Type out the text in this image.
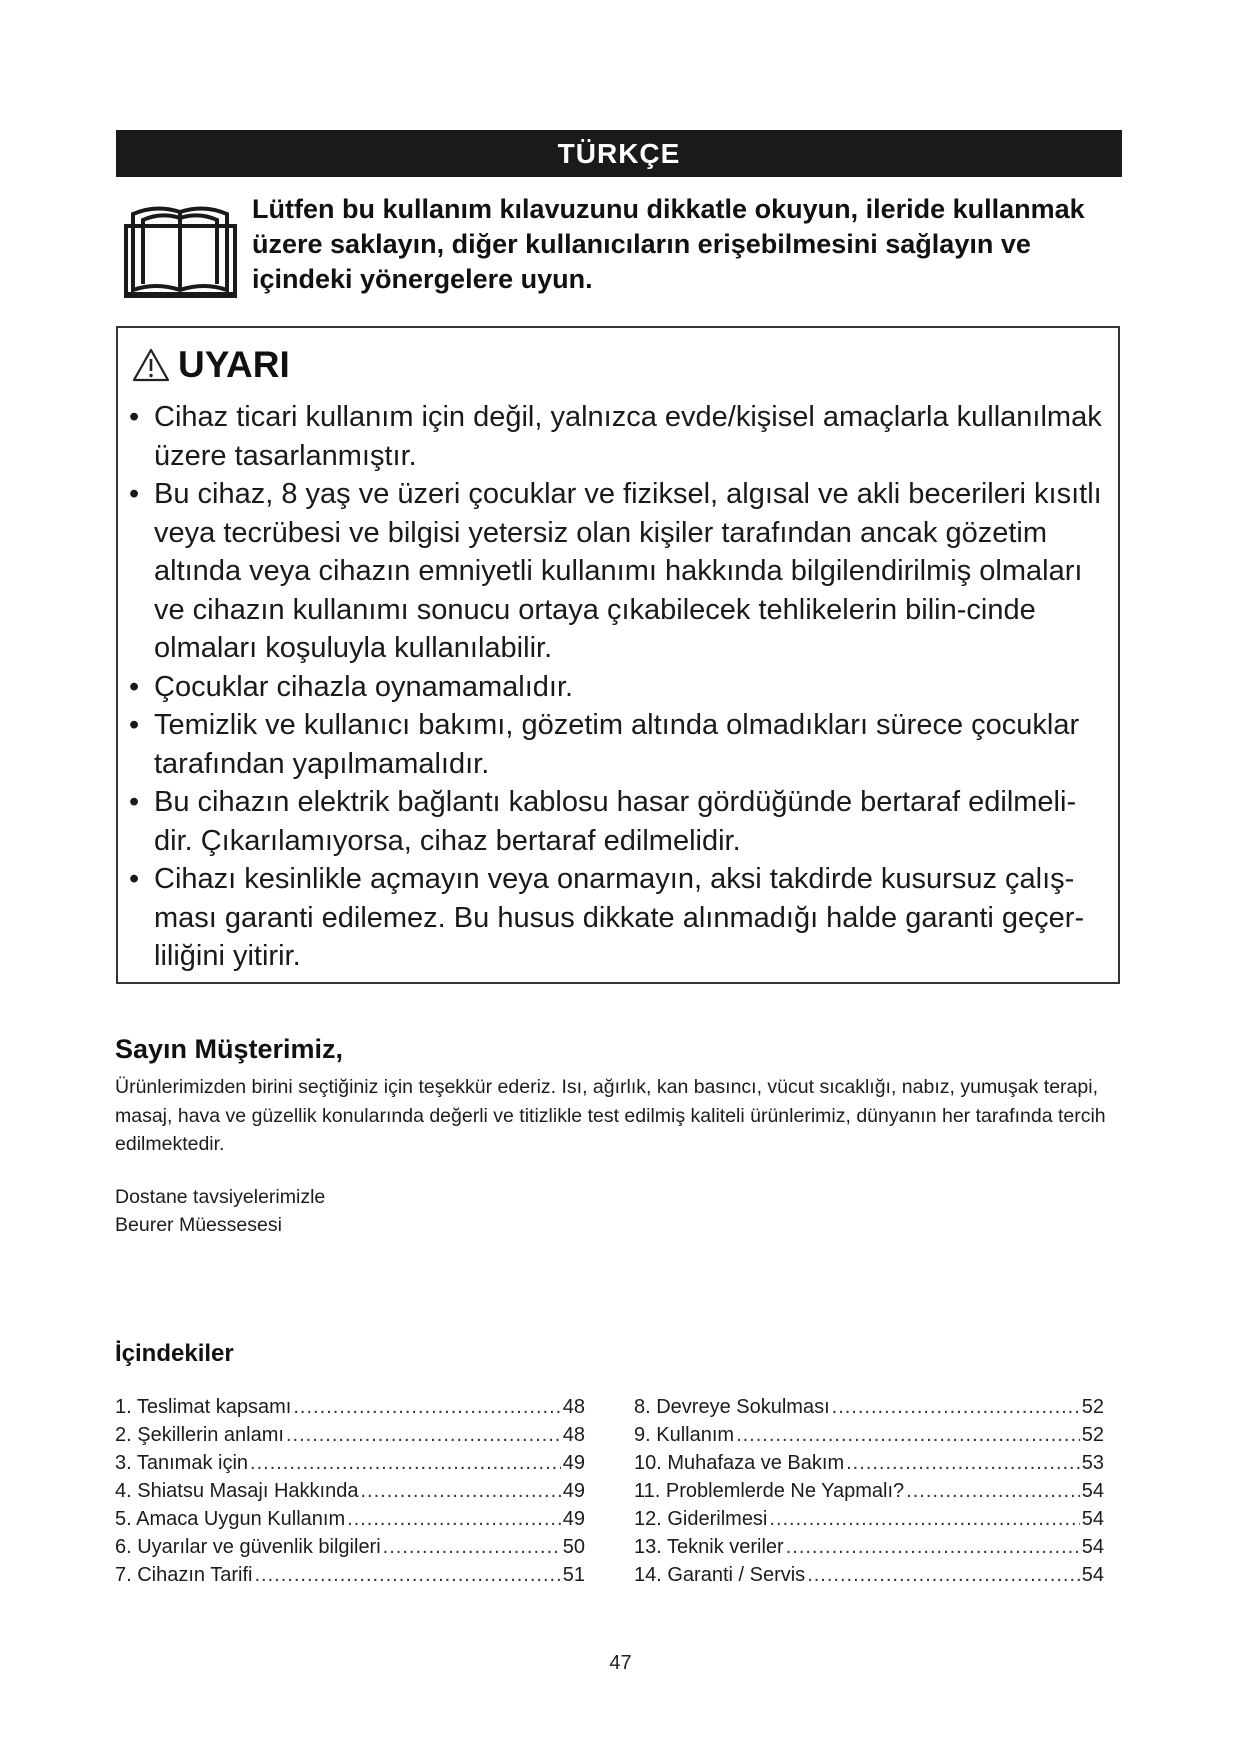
TÜRKÇE
Lütfen bu kullanım kılavuzunu dikkatle okuyun, ileride kullanmak üzere saklayın, diğer kullanıcıların erişebilmesini sağlayın ve içindeki yönergelere uyun.
UYARI
• Cihaz ticari kullanım için değil, yalnızca evde/kişisel amaçlarla kullanılmak üzere tasarlanmıştır.
• Bu cihaz, 8 yaş ve üzeri çocuklar ve fiziksel, algısal ve akli becerileri kısıtlı veya tecrübesi ve bilgisi yetersiz olan kişiler tarafından ancak gözetim altında veya cihazın emniyetli kullanımı hakkında bilgilendirilmiş olmaları ve cihazın kullanımı sonucu ortaya çıkabilecek tehlikelerin bilin-cinde olmaları koşuluyla kullanılabilir.
• Çocuklar cihazla oynamamalıdır.
• Temizlik ve kullanıcı bakımı, gözetim altında olmadıkları sürece çocuklar tarafından yapılmamalıdır.
• Bu cihazın elektrik bağlantı kablosu hasar gördüğünde bertaraf edilmeli-dir. Çıkarılamıyorsa, cihaz bertaraf edilmelidir.
• Cihazı kesinlikle açmayın veya onarmayın, aksi takdirde kusursuz çalış-ması garanti edilemez. Bu husus dikkate alınmadığı halde garanti geçer-liliğini yitirir.
Sayın Müşterimiz,
Ürünlerimizden birini seçtiğiniz için teşekkür ederiz. Isı, ağırlık, kan basıncı, vücut sıcaklığı, nabız, yumuşak terapi, masaj, hava ve güzellik konularında değerli ve titizlikle test edilmiş kaliteli ürünlerimiz, dünyanın her tarafında tercih edilmektedir.
Dostane tavsiyelerimizle
Beurer Müessesesi
İçindekiler
1. Teslimat kapsamı .....	48
2. Şekillerin anlamı .....	48
3. Tanımak için .....	49
4. Shiatsu Masajı Hakkında .....	49
5. Amaca Uygun Kullanım .....	49
6. Uyarılar ve güvenlik bilgileri .....	50
7. Cihazın Tarifi .....	51
8. Devreye Sokulması .....	52
9. Kullanım .....	52
10. Muhafaza ve Bakım .....	53
11. Problemlerde Ne Yapmalı? .....	54
12. Giderilmesi .....	54
13. Teknik veriler .....	54
14. Garanti / Servis .....	54
47
